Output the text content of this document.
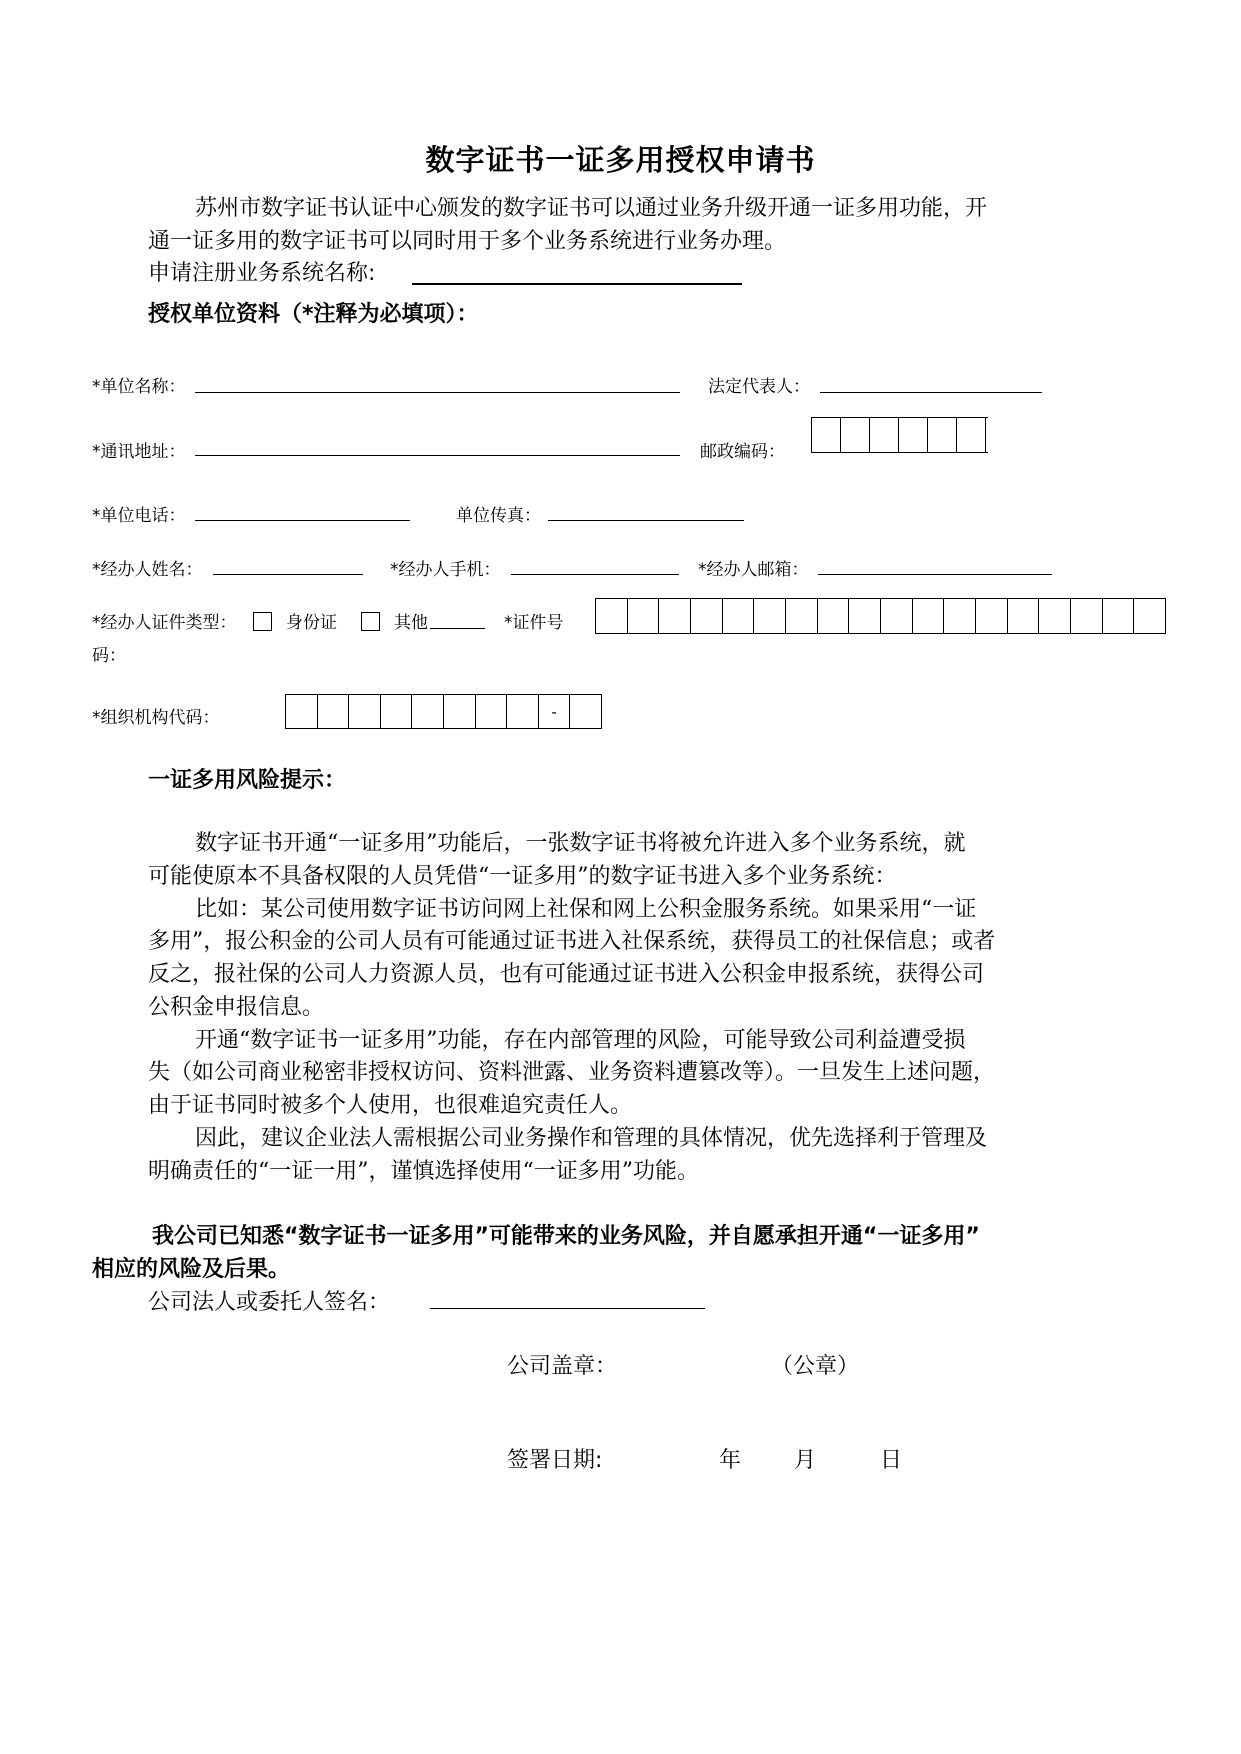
数字证书一证多用授权申请书
苏州市数字证书认证中心颁发的数字证书可以通过业务升级开通一证多用功能，开
通一证多用的数字证书可以同时用于多个业务系统进行业务办理。
申请注册业务系统名称:
授权单位资料（*注释为必填项）：
*单位名称：	法定代表人：
*通讯地址：	邮政编码：
*单位电话：	单位传真：
*经办人姓名：	*经办人手机：	*经办人邮箱：
*经办人证件类型：	身份证	其他	*证件号
码：
*组织机构代码：	-
一证多用风险提示：
数字证书开通“一证多用”功能后，一张数字证书将被允许进入多个业务系统，就
可能使原本不具备权限的人员凭借“一证多用”的数字证书进入多个业务系统：
比如：某公司使用数字证书访问网上社保和网上公积金服务系统。如果采用“一证
多用”，报公积金的公司人员有可能通过证书进入社保系统，获得员工的社保信息；或者
反之，报社保的公司人力资源人员，也有可能通过证书进入公积金申报系统，获得公司
公积金申报信息。
开通“数字证书一证多用”功能，存在内部管理的风险，可能导致公司利益遭受损
失（如公司商业秘密非授权访问、资料泄露、业务资料遭篡改等）。一旦发生上述问题，
由于证书同时被多个人使用，也很难追究责任人。
因此，建议企业法人需根据公司业务操作和管理的具体情况，优先选择利于管理及
明确责任的“一证一用”，谨慎选择使用“一证多用”功能。
我公司已知悉“数字证书一证多用”可能带来的业务风险，并自愿承担开通“一证多用”
相应的风险及后果。
公司法人或委托人签名：
公司盖章：	（公章）
签署日期:	年 月	日
